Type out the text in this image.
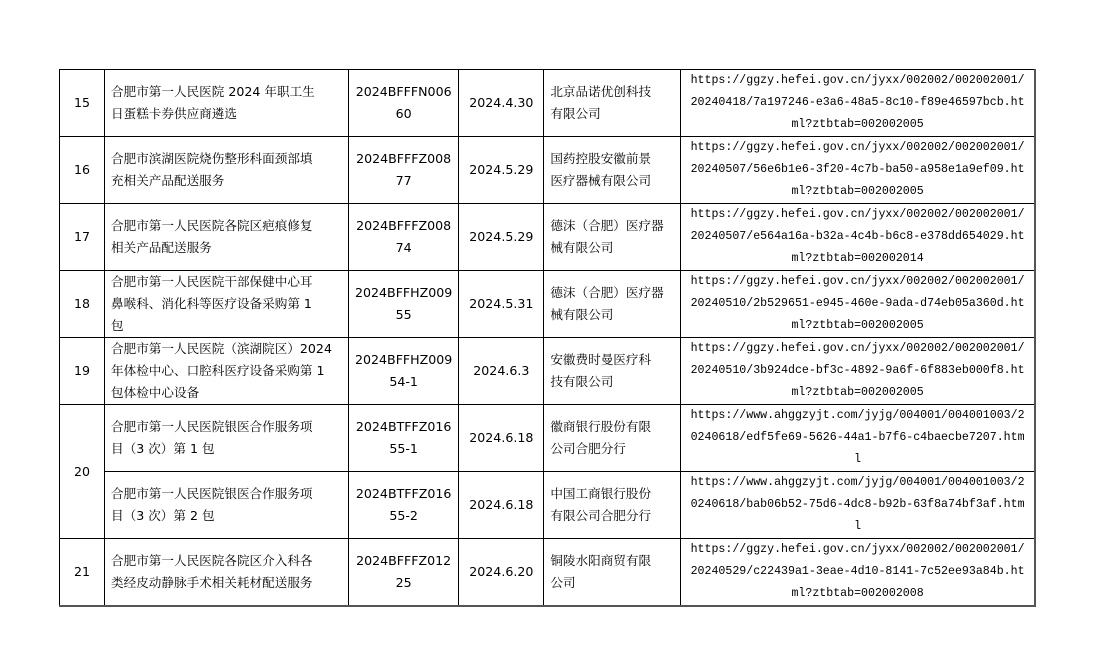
15	合肥市第一人民医院 2024 年职工生
日蛋糕卡券供应商遴选	2024BFFFN006
60	2024.4.30	北京品诺优创科技
有限公司	https://ggzy.hefei.gov.cn/jyxx/002002/002002001/
20240418/7a197246-e3a6-48a5-8c10-f89e46597bcb.ht
ml?ztbtab=002002005

16	合肥市滨湖医院烧伤整形科面颈部填
充相关产品配送服务	2024BFFFZ008
77	2024.5.29	国药控股安徽前景
医疗器械有限公司	https://ggzy.hefei.gov.cn/jyxx/002002/002002001/
20240507/56e6b1e6-3f20-4c7b-ba50-a958e1a9ef09.ht
ml?ztbtab=002002005

17	合肥市第一人民医院各院区疤痕修复
相关产品配送服务	2024BFFFZ008
74	2024.5.29	德沫（合肥）医疗器
械有限公司	https://ggzy.hefei.gov.cn/jyxx/002002/002002001/
20240507/e564a16a-b32a-4c4b-b6c8-e378dd654029.ht
ml?ztbtab=002002014

18	合肥市第一人民医院干部保健中心耳
鼻喉科、消化科等医疗设备采购第 1
包	2024BFFHZ009
55	2024.5.31	德沫（合肥）医疗器
械有限公司	https://ggzy.hefei.gov.cn/jyxx/002002/002002001/
20240510/2b529651-e945-460e-9ada-d74eb05a360d.ht
ml?ztbtab=002002005

19	合肥市第一人民医院（滨湖院区）2024
年体检中心、口腔科医疗设备采购第 1
包体检中心设备	2024BFFHZ009
54-1	2024.6.3	安徽费时曼医疗科
技有限公司	https://ggzy.hefei.gov.cn/jyxx/002002/002002001/
20240510/3b924dce-bf3c-4892-9a6f-6f883eb000f8.ht
ml?ztbtab=002002005

20	合肥市第一人民医院银医合作服务项
目（3 次）第 1 包	2024BTFFZ016
55-1	2024.6.18	徽商银行股份有限
公司合肥分行	https://www.ahggzyjt.com/jyjg/004001/004001003/2
0240618/edf5fe69-5626-44a1-b7f6-c4baecbe7207.htm
l

	合肥市第一人民医院银医合作服务项
目（3 次）第 2 包	2024BTFFZ016
55-2	2024.6.18	中国工商银行股份
有限公司合肥分行	https://www.ahggzyjt.com/jyjg/004001/004001003/2
0240618/bab06b52-75d6-4dc8-b92b-63f8a74bf3af.htm
l

21	合肥市第一人民医院各院区介入科各
类经皮动静脉手术相关耗材配送服务	2024BFFFZ012
25	2024.6.20	铜陵水阳商贸有限
公司	https://ggzy.hefei.gov.cn/jyxx/002002/002002001/
20240529/c22439a1-3eae-4d10-8141-7c52ee93a84b.ht
ml?ztbtab=002002008
